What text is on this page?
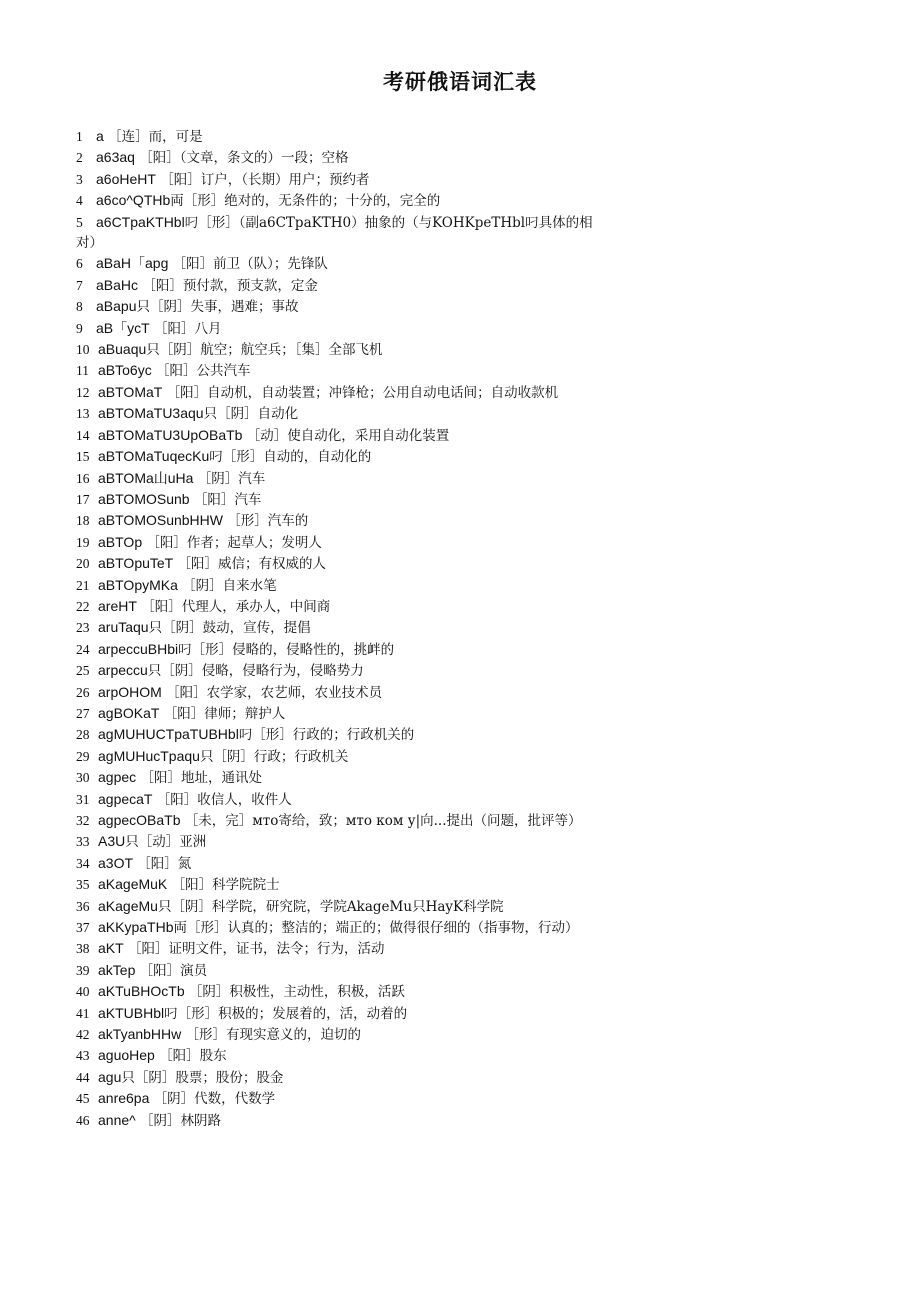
考研俄语词汇表
1 a ［连］而，可是
2 a63aq ［阳］（文章，条文的）一段；空格
3 a6oHeHT ［阳］订户，（长期）用户；预约者
4 a6co^QTHb両［形］绝对的，无条件的；十分的，完全的
5 a6CTpaKTHbl叼［形］（副a6CTpaKTH0）抽象的（与KOHKpeTHbl叼具体的相对）
6 aBaH「apg ［阳］前卫（队）；先锋队
7 aBaHc ［阳］预付款，预支款，定金
8 aBapu只［阴］失事，遇难；事故
9 aB「ycT ［阳］八月
10 aBuaqu只［阴］航空；航空兵；［集］全部飞机
11 aBTo6yc ［阳］公共汽车
12 aBTOMaT ［阳］自动机，自动装置；冲锋枪；公用自动电话间；自动收款机
13 aBTOMaTU3aqu只［阴］自动化
14 aBTOMaTU3UpOBaTb ［动］使自动化，采用自动化装置
15 aBTOMaTuqecKu叼［形］自动的，自动化的
16 aBTOMa山uHa ［阴］汽车
17 aBTOMOSunb ［阳］汽车
18 aBTOMOSunbHHW ［形］汽车的
19 aBTOp ［阳］作者；起草人；发明人
20 aBTOpuTeT ［阳］威信；有权威的人
21 aBTOpyMKa ［阴］自来水笔
22 areHT ［阳］代理人，承办人，中间商
23 aruTaqu只［阴］鼓动，宣传，提倡
24 arpeccuBHbi叼［形］侵略的，侵略性的，挑衅的
25 arpeccu只［阴］侵略，侵略行为，侵略势力
26 arpOHOM ［阳］农学家，农艺师，农业技术员
27 agBOKaT ［阳］律师；辩护人
28 agMUHUCTpaTUBHbl叼［形］行政的；行政机关的
29 agMUHucTpaqu只［阴］行政；行政机关
30 agpec ［阳］地址，通讯处
31 agpecaT ［阳］收信人，收件人
32 agpecOBaTb ［未，完］мто寄给，致；мто ком у|向...提出（问题，批评等）
33 A3U只［动］亚洲
34 a3OT ［阳］氮
35 aKageMuK ［阳］科学院院士
36 aKageMu只［阴］科学院，研究院，学院AkageMu只HayK科学院
37 aKKypaTHb両［形］认真的；整洁的；端正的；做得很仔细的（指事物，行动）
38 aKT ［阳］证明文件，证书，法令；行为，活动
39 akTep ［阳］演员
40 aKTuBHOcTb ［阴］积极性，主动性，积极，活跃
41 aKTUBHbl叼［形］积极的；发展着的，活，动着的
42 akTyanbHHw ［形］有现实意义的，迫切的
43 aguoHep ［阳］股东
44 agu只［阴］股票；股份；股金
45 anre6pa ［阴］代数，代数学
46 anne^ ［阴］林阴路
